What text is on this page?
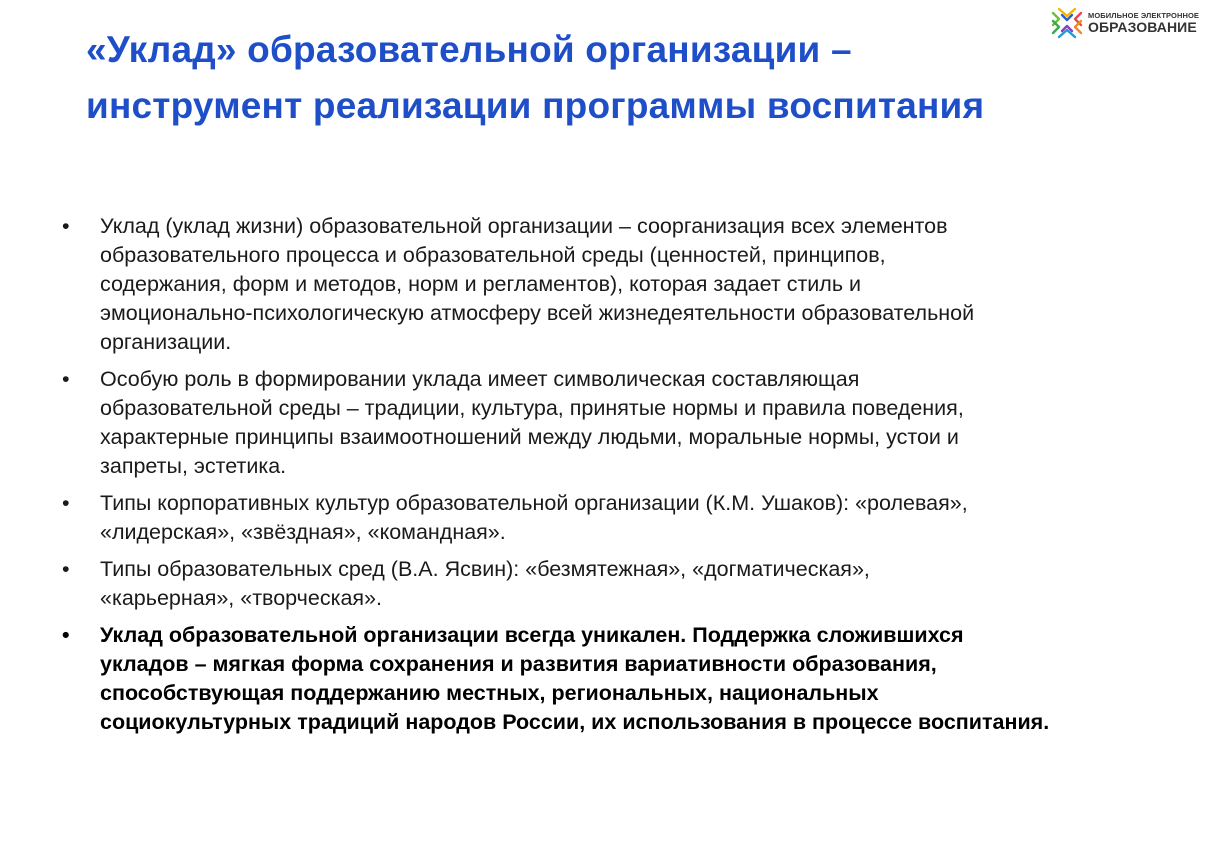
«Уклад» образовательной организации –
инструмент реализации программы воспитания
МОБИЛЬНОЕ ЭЛЕКТРОННОЕ
ОБРАЗОВАНИЕ
•	Уклад (уклад жизни) образовательной организации – соорганизация всех элементов
образовательного процесса и образовательной среды (ценностей, принципов,
содержания, форм и методов, норм и регламентов), которая задает стиль и
эмоционально-психологическую атмосферу всей жизнедеятельности образовательной
организации.
•	Особую роль в формировании уклада имеет символическая составляющая
образовательной среды – традиции, культура, принятые нормы и правила поведения,
характерные принципы взаимоотношений между людьми, моральные нормы, устои и
запреты, эстетика.
•	Типы корпоративных культур образовательной организации (К.М. Ушаков): «ролевая»,
«лидерская», «звёздная», «командная».
•	Типы образовательных сред (В.А. Ясвин): «безмятежная», «догматическая»,
«карьерная», «творческая».
•	Уклад образовательной организации всегда уникален. Поддержка сложившихся
укладов – мягкая форма сохранения и развития вариативности образования,
способствующая поддержанию местных, региональных, национальных
социокультурных традиций народов России, их использования в процессе воспитания.
